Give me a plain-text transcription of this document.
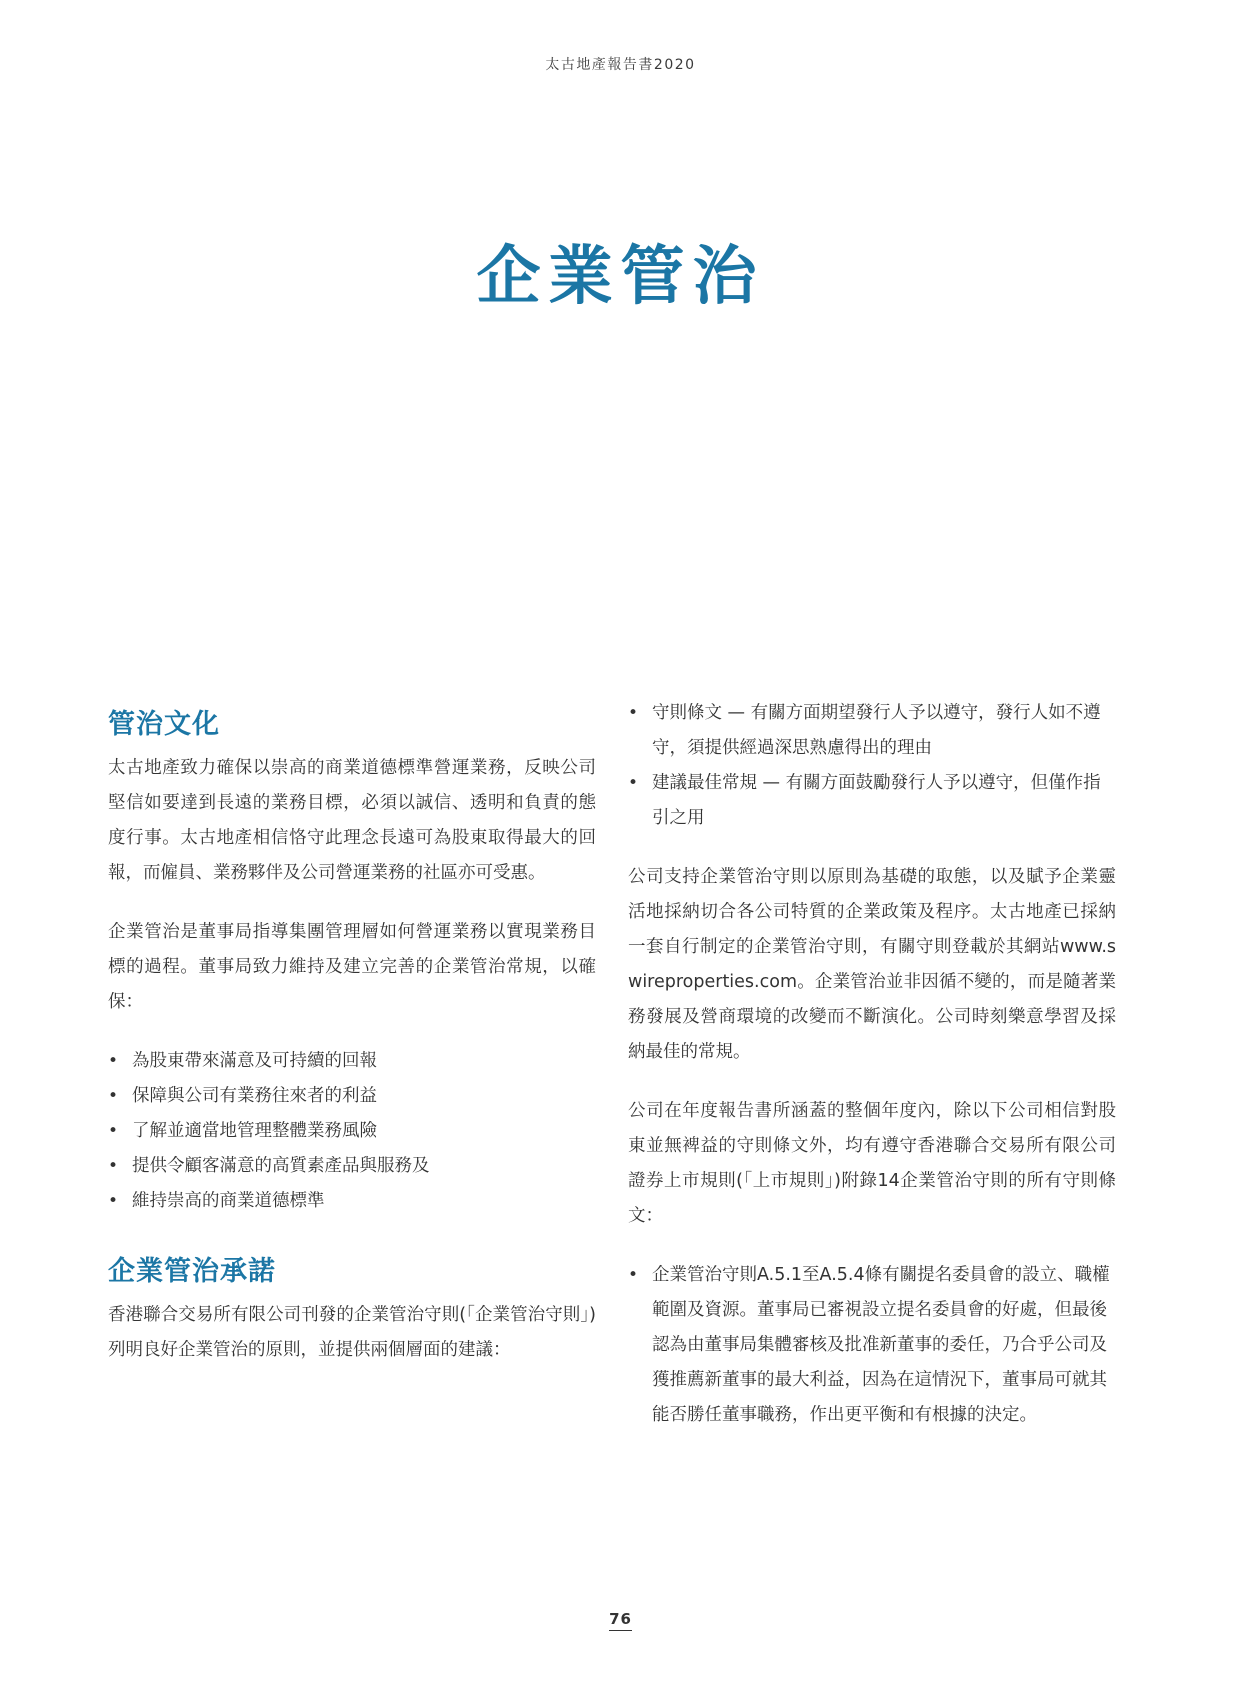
太古地產報告書2020
企業管治
管治文化

太古地產致力確保以崇高的商業道德標準營運業務，反映公司堅信如要達到長遠的業務目標，必須以誠信、透明和負責的態度行事。太古地產相信恪守此理念長遠可為股東取得最大的回報，而僱員、業務夥伴及公司營運業務的社區亦可受惠。

企業管治是董事局指導集團管理層如何營運業務以實現業務目標的過程。董事局致力維持及建立完善的企業管治常規，以確保：

• 為股東帶來滿意及可持續的回報
• 保障與公司有業務往來者的利益
• 了解並適當地管理整體業務風險
• 提供令顧客滿意的高質素產品與服務及
• 維持崇高的商業道德標準
企業管治承諾

香港聯合交易所有限公司刊發的企業管治守則(「企業管治守則」)列明良好企業管治的原則，並提供兩個層面的建議：

• 守則條文 — 有關方面期望發行人予以遵守，發行人如不遵守，須提供經過深思熟慮得出的理由
• 建議最佳常規 — 有關方面鼓勵發行人予以遵守，但僅作指引之用

公司支持企業管治守則以原則為基礎的取態，以及賦予企業靈活地採納切合各公司特質的企業政策及程序。太古地產已採納一套自行制定的企業管治守則，有關守則登載於其網站www.swireproperties.com。企業管治並非因循不變的，而是隨著業務發展及營商環境的改變而不斷演化。公司時刻樂意學習及採納最佳的常規。

公司在年度報告書所涵蓋的整個年度內，除以下公司相信對股東並無裨益的守則條文外，均有遵守香港聯合交易所有限公司證券上市規則(「上市規則」)附錄14企業管治守則的所有守則條文：

• 企業管治守則A.5.1至A.5.4條有關提名委員會的設立、職權範圍及資源。董事局已審視設立提名委員會的好處，但最後認為由董事局集體審核及批准新董事的委任，乃合乎公司及獲推薦新董事的最大利益，因為在這情況下，董事局可就其能否勝任董事職務，作出更平衡和有根據的決定。
76
